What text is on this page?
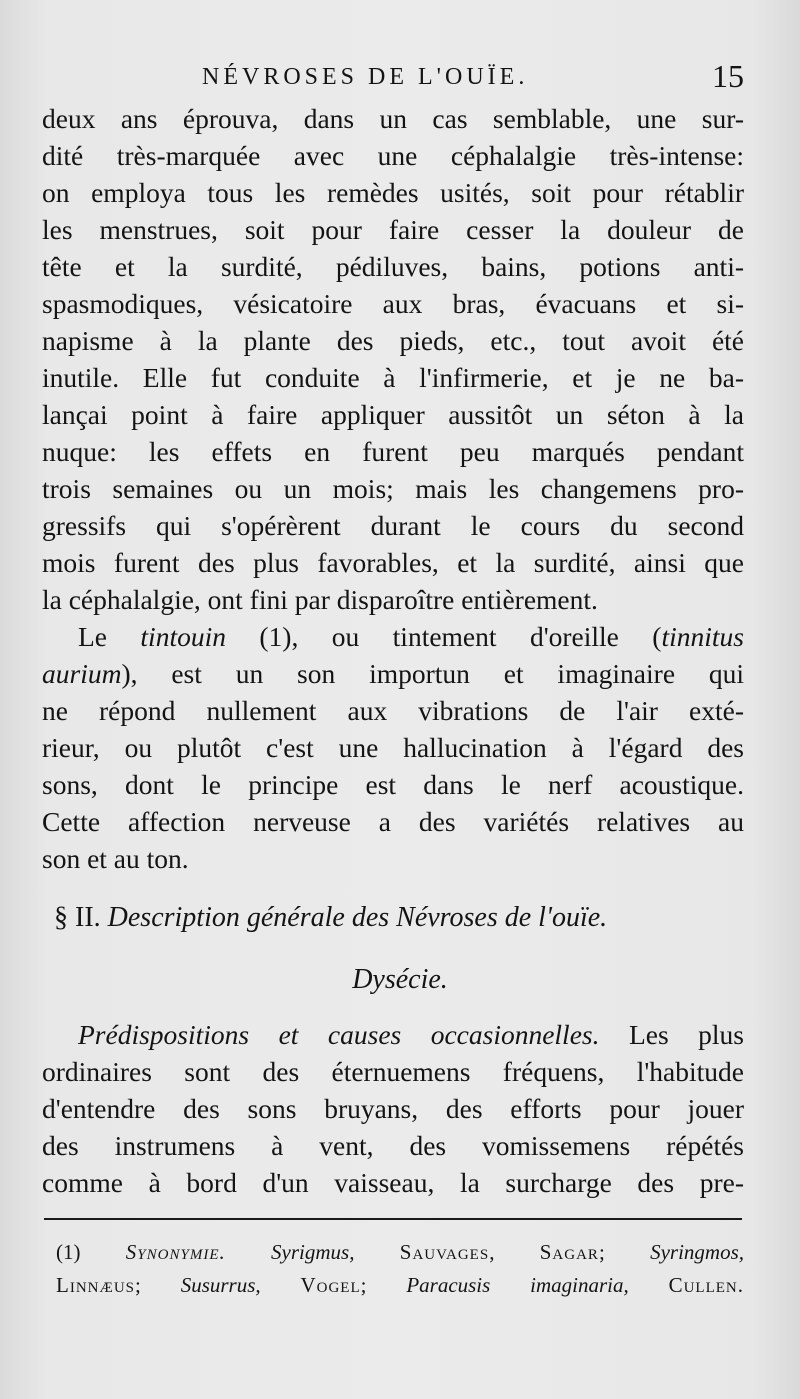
NÉVROSES DE L'OUÏE.	15
deux ans éprouva, dans un cas semblable, une sur-
dité très-marquée avec une céphalalgie très-intense:
on employa tous les remèdes usités, soit pour rétablir
les menstrues, soit pour faire cesser la douleur de
tête et la surdité, pédiluves, bains, potions anti-
spasmodiques, vésicatoire aux bras, évacuans et si-
napisme à la plante des pieds, etc., tout avoit été
inutile. Elle fut conduite à l'infirmerie, et je ne ba-
lançai point à faire appliquer aussitôt un séton à la
nuque: les effets en furent peu marqués pendant
trois semaines ou un mois; mais les changemens pro-
gressifs qui s'opérèrent durant le cours du second
mois furent des plus favorables, et la surdité, ainsi que
la céphalalgie, ont fini par disparoître entièrement.
Le tintouin (1), ou tintement d'oreille (tinnitus
aurium), est un son importun et imaginaire qui
ne répond nullement aux vibrations de l'air exté-
rieur, ou plutôt c'est une hallucination à l'égard des
sons, dont le principe est dans le nerf acoustique.
Cette affection nerveuse a des variétés relatives au
son et au ton.
§ II. Description générale des Névroses de l'ouïe.
Dysécie.
Prédispositions et causes occasionnelles. Les plus
ordinaires sont des éternuemens fréquens, l'habitude
d'entendre des sons bruyans, des efforts pour jouer
des instrumens à vent, des vomissemens répétés
comme à bord d'un vaisseau, la surcharge des pre-
(1) Synonymie. Syrigmus, Sauvages, Sagar; Syringmos,
Linnæus; Susurrus, Vogel; Paracusis imaginaria, Cullen.
